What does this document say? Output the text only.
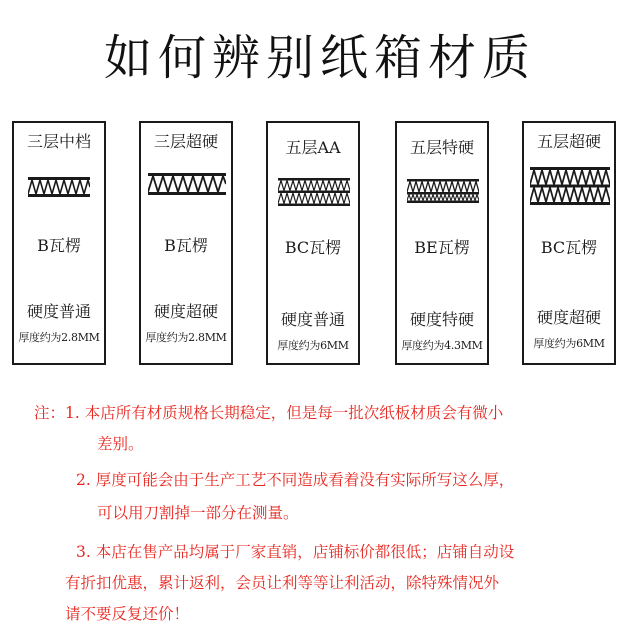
如何辨别纸箱材质
三层中档
B瓦楞
硬度普通
厚度约为2.8MM
三层超硬
B瓦楞
硬度超硬
厚度约为2.8MM
五层AA
BC瓦楞
硬度普通
厚度约为6MM
五层特硬
BE瓦楞
硬度特硬
厚度约为4.3MM
五层超硬
BC瓦楞
硬度超硬
厚度约为6MM
注：1. 本店所有材质规格长期稳定，但是每一批次纸板材质会有微小
差别。
2. 厚度可能会由于生产工艺不同造成看着没有实际所写这么厚，
可以用刀割掉一部分在测量。
3. 本店在售产品均属于厂家直销，店铺标价都很低；店铺自动设
有折扣优惠，累计返利，会员让利等等让利活动，除特殊情况外
请不要反复还价！
